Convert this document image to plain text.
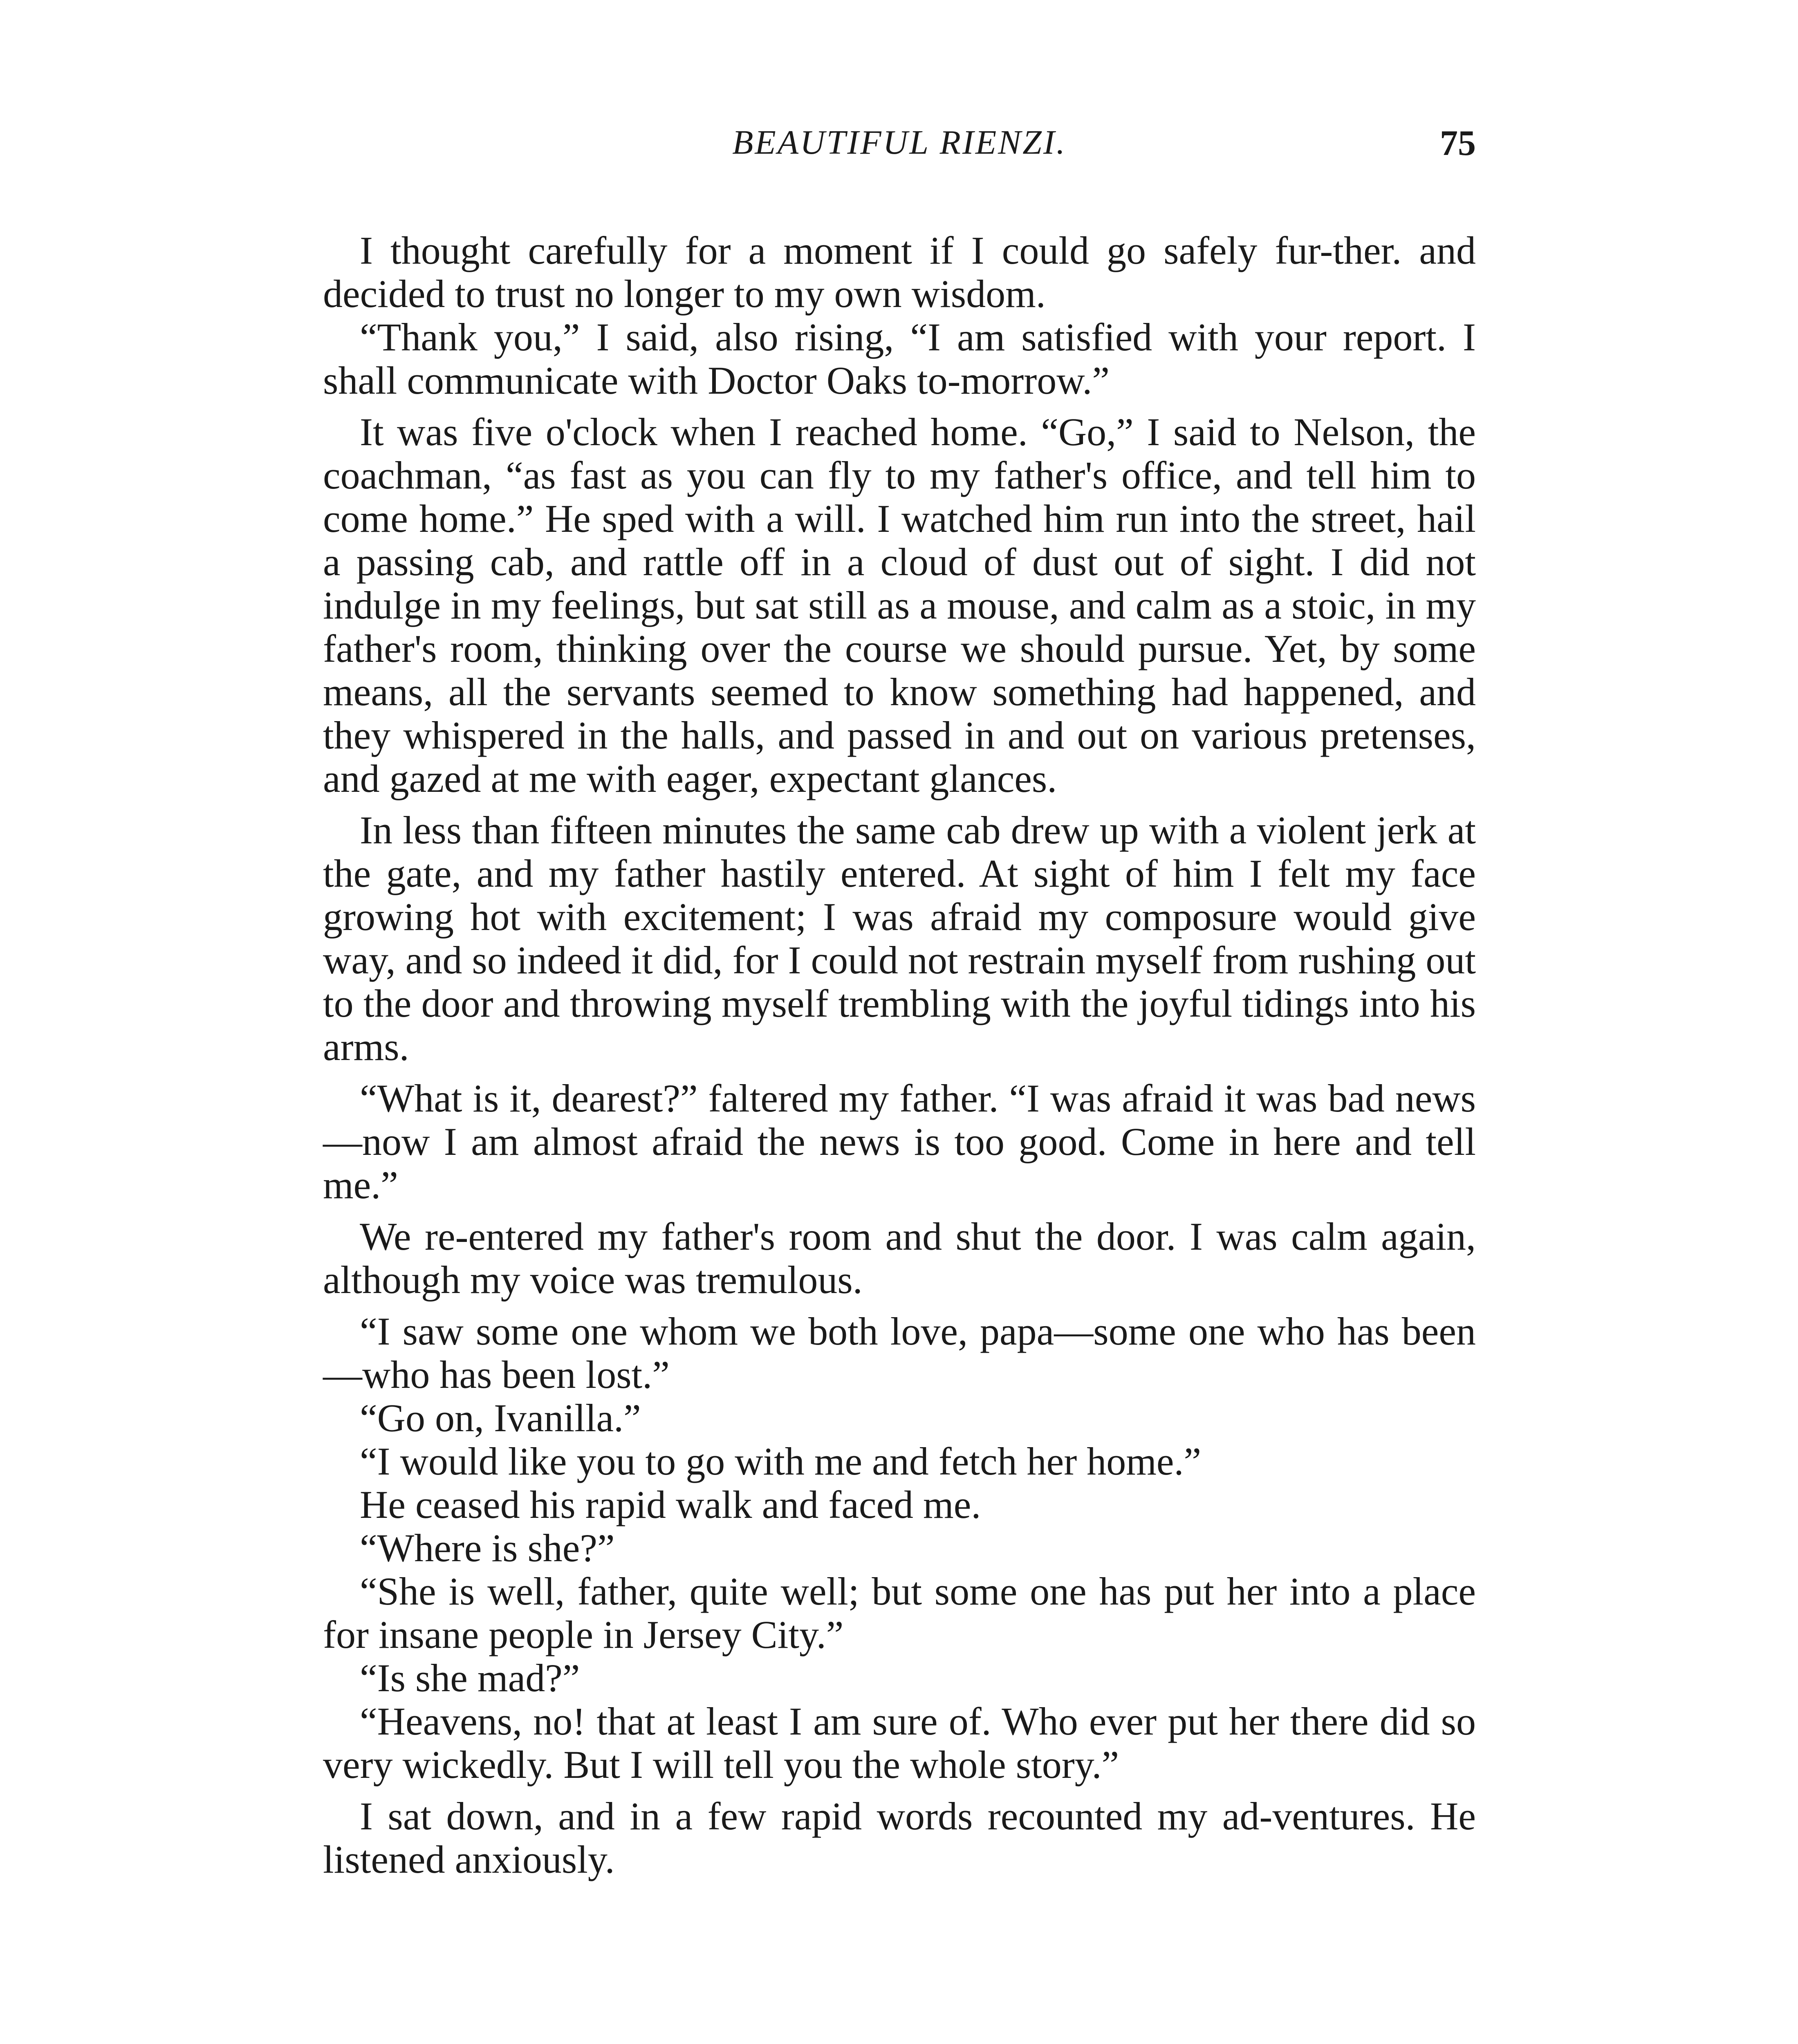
BEAUTIFUL RIENZI.	75

I thought carefully for a moment if I could go safely fur-ther. and decided to trust no longer to my own wisdom.

“Thank you,” I said, also rising, “I am satisfied with your report. I shall communicate with Doctor Oaks to-morrow.”

It was five o'clock when I reached home. “Go,” I said to Nelson, the coachman, “as fast as you can fly to my father's office, and tell him to come home.” He sped with a will. I watched him run into the street, hail a passing cab, and rattle off in a cloud of dust out of sight. I did not indulge in my feelings, but sat still as a mouse, and calm as a stoic, in my father's room, thinking over the course we should pursue. Yet, by some means, all the servants seemed to know something had happened, and they whispered in the halls, and passed in and out on various pretenses, and gazed at me with eager, expectant glances.

In less than fifteen minutes the same cab drew up with a violent jerk at the gate, and my father hastily entered. At sight of him I felt my face growing hot with excitement; I was afraid my composure would give way, and so indeed it did, for I could not restrain myself from rushing out to the door and throwing myself trembling with the joyful tidings into his arms.

“What is it, dearest?” faltered my father. “I was afraid it was bad news—now I am almost afraid the news is too good. Come in here and tell me.”

We re-entered my father's room and shut the door. I was calm again, although my voice was tremulous.

“I saw some one whom we both love, papa—some one who has been—who has been lost.”

“Go on, Ivanilla.”

“I would like you to go with me and fetch her home.”

He ceased his rapid walk and faced me.

“Where is she?”

“She is well, father, quite well; but some one has put her into a place for insane people in Jersey City.”

“Is she mad?”

“Heavens, no! that at least I am sure of. Who ever put her there did so very wickedly. But I will tell you the whole story.”

I sat down, and in a few rapid words recounted my ad-ventures. He listened anxiously.
